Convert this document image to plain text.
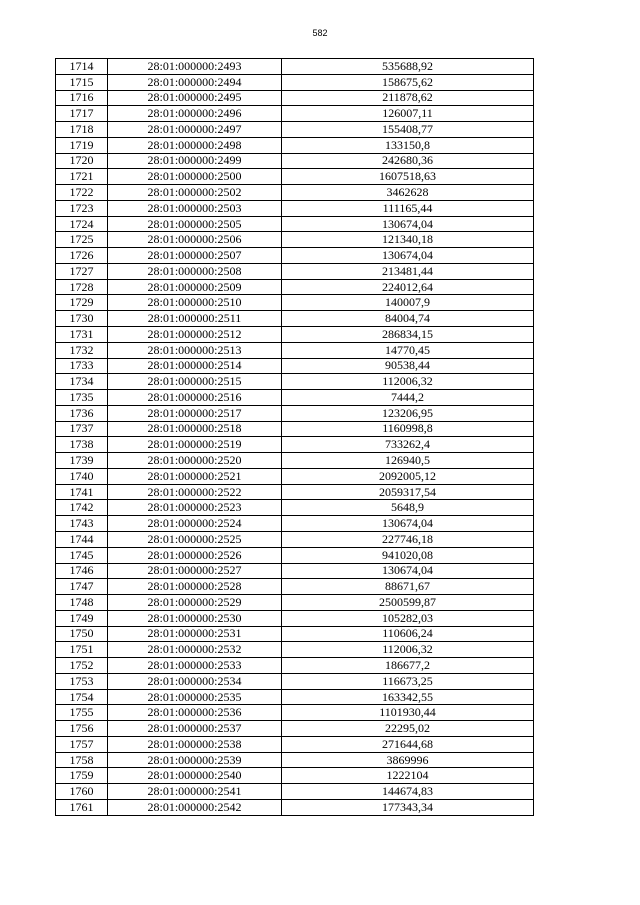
582
1714	28:01:000000:2493	535688,92
1715	28:01:000000:2494	158675,62
1716	28:01:000000:2495	211878,62
1717	28:01:000000:2496	126007,11
1718	28:01:000000:2497	155408,77
1719	28:01:000000:2498	133150,8
1720	28:01:000000:2499	242680,36
1721	28:01:000000:2500	1607518,63
1722	28:01:000000:2502	3462628
1723	28:01:000000:2503	111165,44
1724	28:01:000000:2505	130674,04
1725	28:01:000000:2506	121340,18
1726	28:01:000000:2507	130674,04
1727	28:01:000000:2508	213481,44
1728	28:01:000000:2509	224012,64
1729	28:01:000000:2510	140007,9
1730	28:01:000000:2511	84004,74
1731	28:01:000000:2512	286834,15
1732	28:01:000000:2513	14770,45
1733	28:01:000000:2514	90538,44
1734	28:01:000000:2515	112006,32
1735	28:01:000000:2516	7444,2
1736	28:01:000000:2517	123206,95
1737	28:01:000000:2518	1160998,8
1738	28:01:000000:2519	733262,4
1739	28:01:000000:2520	126940,5
1740	28:01:000000:2521	2092005,12
1741	28:01:000000:2522	2059317,54
1742	28:01:000000:2523	5648,9
1743	28:01:000000:2524	130674,04
1744	28:01:000000:2525	227746,18
1745	28:01:000000:2526	941020,08
1746	28:01:000000:2527	130674,04
1747	28:01:000000:2528	88671,67
1748	28:01:000000:2529	2500599,87
1749	28:01:000000:2530	105282,03
1750	28:01:000000:2531	110606,24
1751	28:01:000000:2532	112006,32
1752	28:01:000000:2533	186677,2
1753	28:01:000000:2534	116673,25
1754	28:01:000000:2535	163342,55
1755	28:01:000000:2536	1101930,44
1756	28:01:000000:2537	22295,02
1757	28:01:000000:2538	271644,68
1758	28:01:000000:2539	3869996
1759	28:01:000000:2540	1222104
1760	28:01:000000:2541	144674,83
1761	28:01:000000:2542	177343,34
